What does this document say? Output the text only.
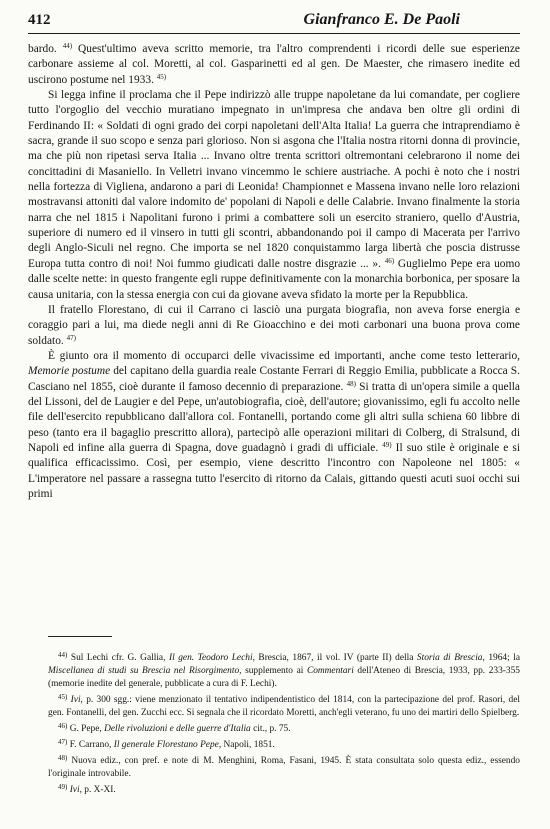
412	Gianfranco E. De Paoli

bardo. $^{44)}$ Quest'ultimo aveva scritto memorie, tra l'altro comprendenti i ricordi delle sue esperienze carbonare assieme al col. Moretti, al col. Gasparinetti ed al gen. De Maester, che rimasero inedite ed uscirono postume nel 1933. $^{45)}$

Si legga infine il proclama che il Pepe indirizzò alle truppe napoletane da lui comandate, per cogliere tutto l'orgoglio del vecchio muratiano impegnato in un'impresa che andava ben oltre gli ordini di Ferdinando II: « Soldati di ogni grado dei corpi napoletani dell'Alta Italia! La guerra che intraprendiamo è sacra, grande il suo scopo e senza pari glorioso. Non si asgona che l'Italia nostra ritorni donna di provincie, ma che più non ripetasi serva Italia ... Invano oltre trenta scrittori oltremontani celebrarono il nome dei concittadini di Masaniello. In Velletri invano vincemmo le schiere austriache. A pochi è noto che i nostri nella fortezza di Vigliena, andarono a pari di Leonida! Championnet e Massena invano nelle loro relazioni mostravansi attoniti dal valore indomito de' popolani di Napoli e delle Calabrie. Invano finalmente la storia narra che nel 1815 i Napolitani furono i primi a combattere soli un esercito straniero, quello d'Austria, superiore di numero ed il vinsero in tutti gli scontri, abbandonando poi il campo di Macerata per l'arrivo degli Anglo-Siculi nel regno. Che importa se nel 1820 conquistammo larga libertà che poscia distrusse Europa tutta contro di noi! Noi fummo giudicati dalle nostre disgrazie ... ». $^{46)}$ Guglielmo Pepe era uomo dalle scelte nette: in questo frangente egli ruppe definitivamente con la monarchia borbonica, per sposare la causa unitaria, con la stessa energia con cui da giovane aveva sfidato la morte per la Repubblica.

Il fratello Florestano, di cui il Carrano ci lasciò una purgata biografia, non aveva forse energia e coraggio pari a lui, ma diede negli anni di Re Gioacchino e dei moti carbonari una buona prova come soldato. $^{47)}$

È giunto ora il momento di occuparci delle vivacissime ed importanti, anche come testo letterario, Memorie postume del capitano della guardia reale Costante Ferrari di Reggio Emilia, pubblicate a Rocca S. Casciano nel 1855, cioè durante il famoso decennio di preparazione. $^{48)}$ Si tratta di un'opera simile a quella del Lissoni, del de Laugier e del Pepe, un'autobiografia, cioè, dell'autore; giovanissimo, egli fu accolto nelle file dell'esercito repubblicano dall'allora col. Fontanelli, portando come gli altri sulla schiena 60 libbre di peso (tanto era il bagaglio prescritto allora), partecipò alle operazioni militari di Colberg, di Stralsund, di Napoli ed infine alla guerra di Spagna, dove guadagnò i gradi di ufficiale. $^{49)}$ Il suo stile è originale e si qualifica efficacissimo. Così, per esempio, viene descritto l'incontro con Napoleone nel 1805: « L'imperatore nel passare a rassegna tutto l'esercito di ritorno da Calais, gittando questi acuti suoi occhi sui primi

$^{44)}$ Sul Lechi cfr. G. Gallia, Il gen. Teodoro Lechi, Brescia, 1867, il vol. IV (parte II) della Storia di Brescia, 1964; la Miscellanea di studi su Brescia nel Risorgimento, supplemento ai Commentari dell'Ateneo di Brescia, 1933, pp. 233-355 (memorie inedite del generale, pubblicate a cura di F. Lechi).

$^{45)}$ Ivi, p. 300 sgg.: viene menzionato il tentativo indipendentistico del 1814, con la partecipazione del prof. Rasori, del gen. Fontanelli, del gen. Zucchi ecc. Si segnala che il ricordato Moretti, anch'egli veterano, fu uno dei martiri dello Spielberg.

$^{46)}$ G. Pepe, Delle rivoluzioni e delle guerre d'Italia cit., p. 75.

$^{47)}$ F. Carrano, Il generale Florestano Pepe, Napoli, 1851.

$^{48)}$ Nuova ediz., con pref. e note di M. Menghini, Roma, Fasani, 1945. È stata consultata solo questa ediz., essendo l'originale introvabile.

$^{49)}$ Ivi, p. X-XI.
